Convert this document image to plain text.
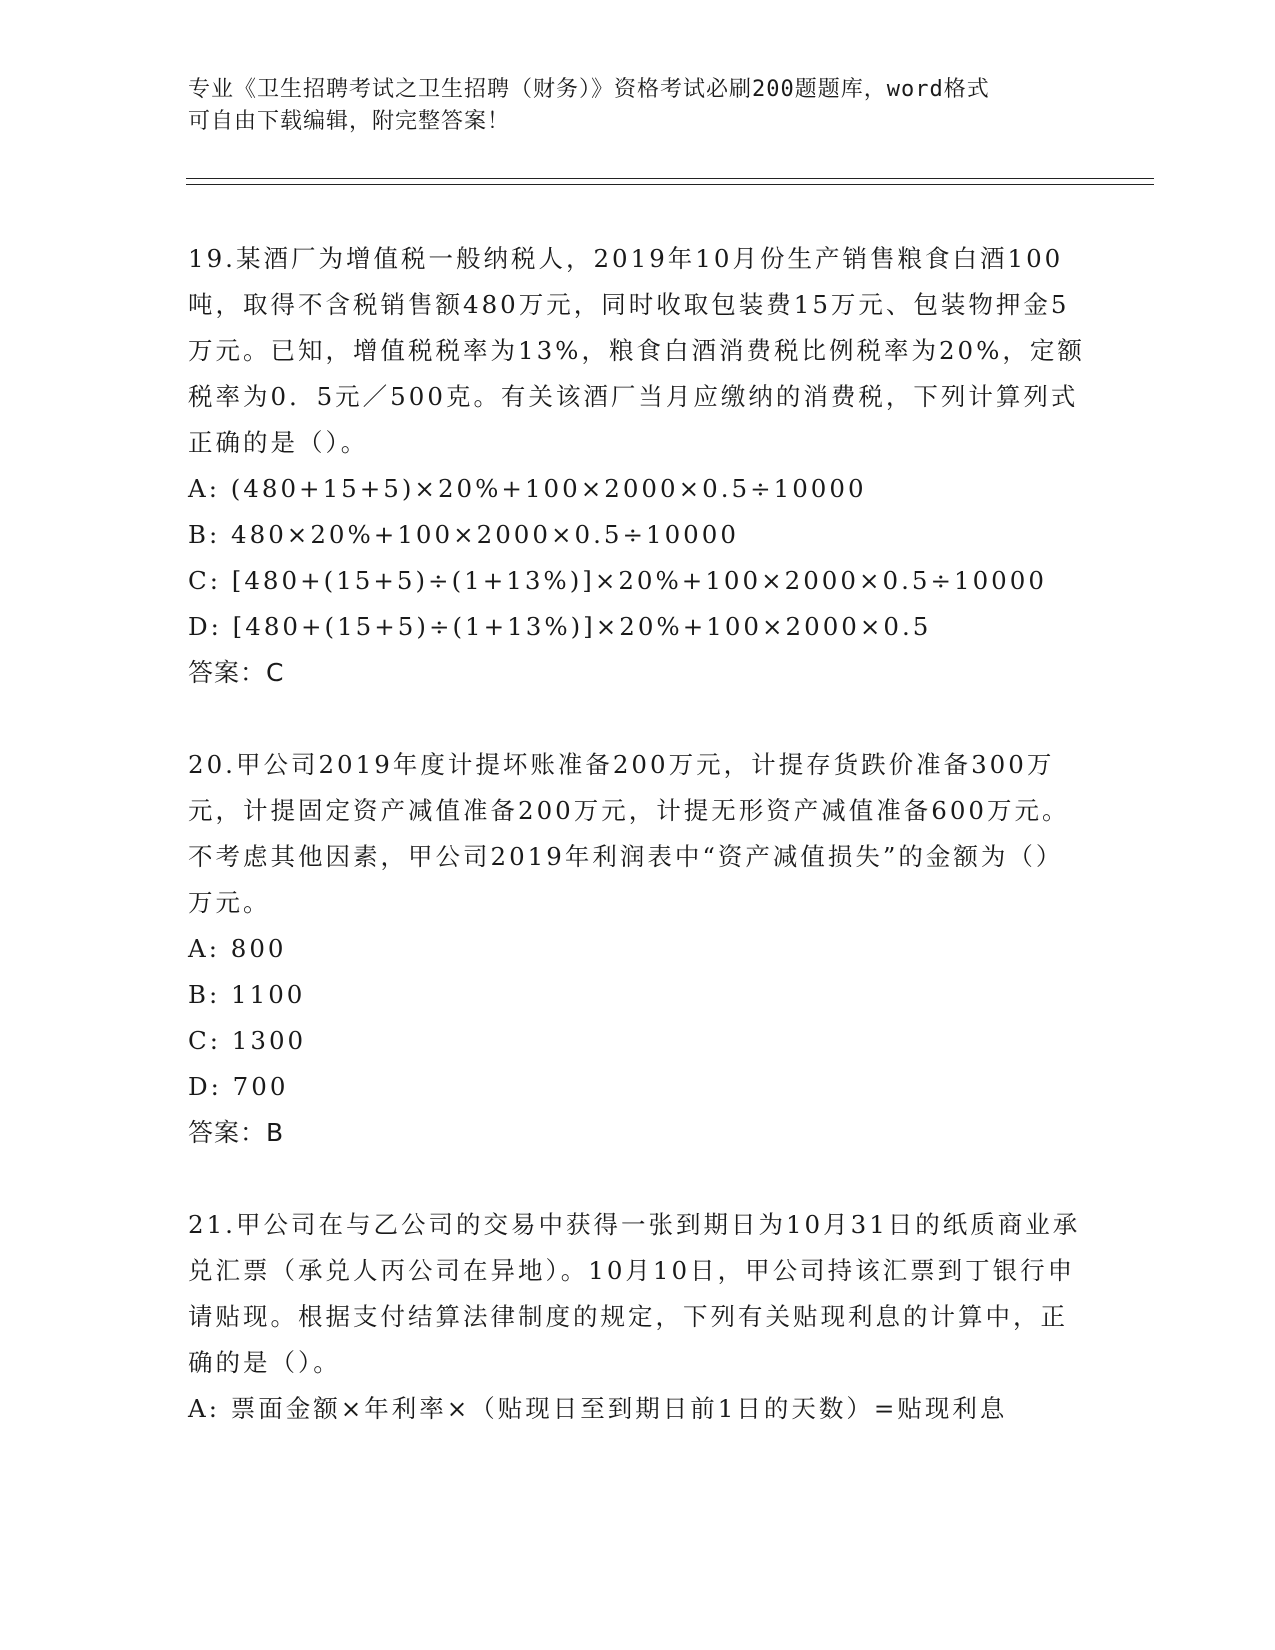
专业《卫生招聘考试之卫生招聘（财务）》资格考试必刷200题题库，word格式
可自由下载编辑，附完整答案！

19.某酒厂为增值税一般纳税人，2019年10月份生产销售粮食白酒100吨，取得不含税销售额480万元，同时收取包装费15万元、包装物押金5万元。已知，增值税税率为13%，粮食白酒消费税比例税率为20%，定额税率为0．5元／500克。有关该酒厂当月应缴纳的消费税，下列计算列式正确的是（）。

A: (480+15+5)×20%+100×2000×0.5÷10000

B: 480×20%+100×2000×0.5÷10000

C: [480+(15+5)÷(1+13%)]×20%+100×2000×0.5÷10000

D: [480+(15+5)÷(1+13%)]×20%+100×2000×0.5

答案：C

20.甲公司2019年度计提坏账准备200万元，计提存货跌价准备300万元，计提固定资产减值准备200万元，计提无形资产减值准备600万元。不考虑其他因素，甲公司2019年利润表中“资产减值损失”的金额为（）万元。

A: 800

B: 1100

C: 1300

D: 700

答案：B

21.甲公司在与乙公司的交易中获得一张到期日为10月31日的纸质商业承兑汇票（承兑人丙公司在异地）。10月10日，甲公司持该汇票到丁银行申请贴现。根据支付结算法律制度的规定，下列有关贴现利息的计算中，正确的是（）。

A: 票面金额×年利率×（贴现日至到期日前1日的天数）=贴现利息
